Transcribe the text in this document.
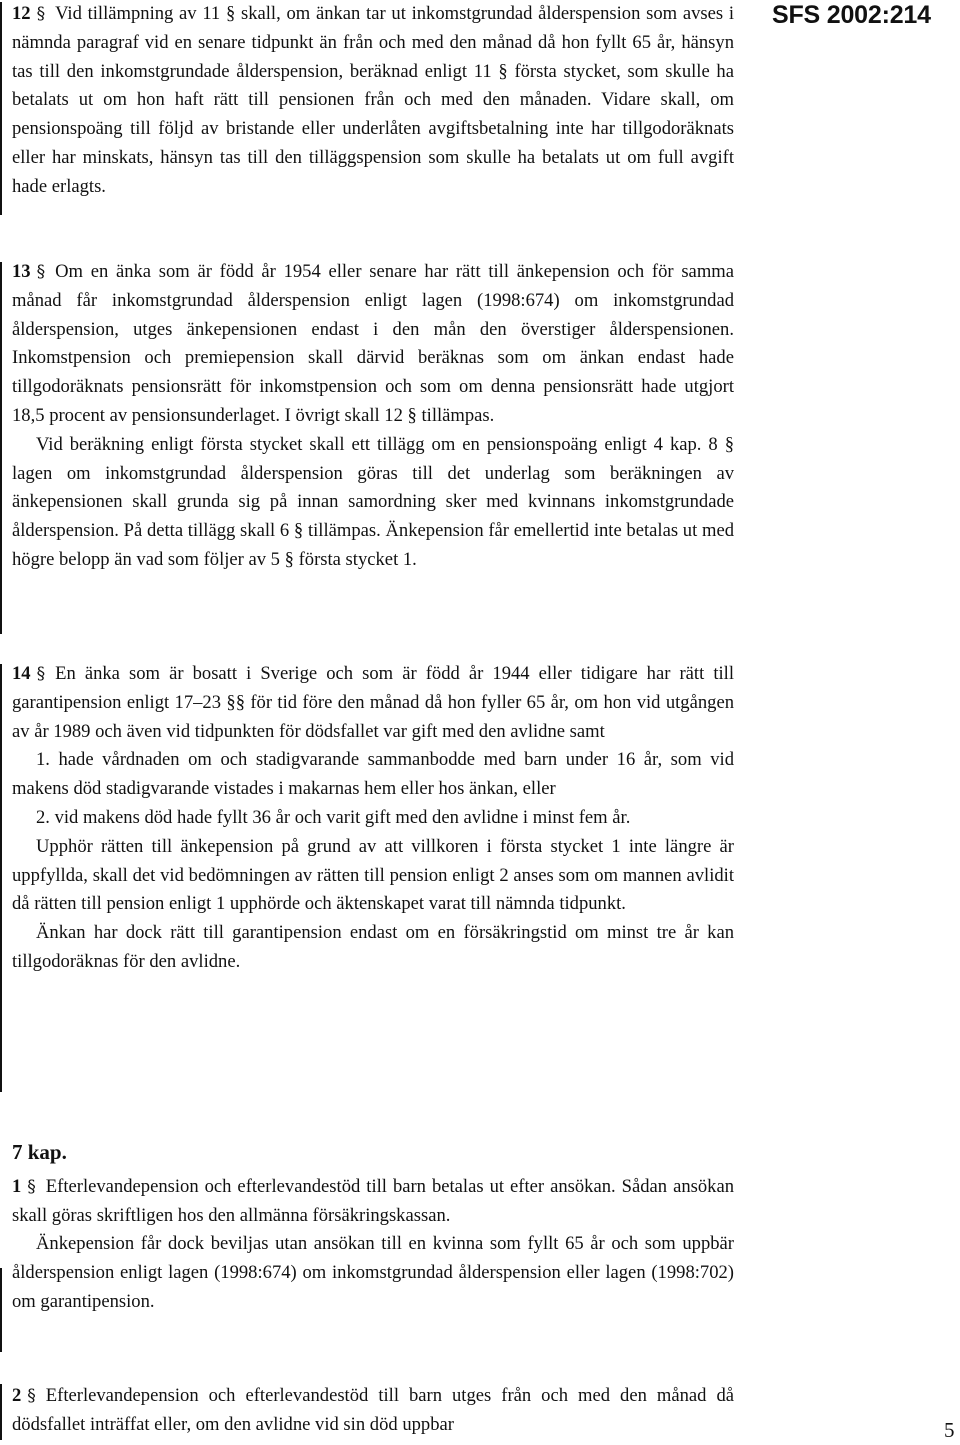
SFS 2002:214

12 § Vid tillämpning av 11 § skall, om änkan tar ut inkomstgrundad ålderspension som avses i nämnda paragraf vid en senare tidpunkt än från och med den månad då hon fyllt 65 år, hänsyn tas till den inkomstgrundade ålderspension, beräknad enligt 11 § första stycket, som skulle ha betalats ut om hon haft rätt till pensionen från och med den månaden. Vidare skall, om pensionspoäng till följd av bristande eller underlåten avgiftsbetalning inte har tillgodoräknats eller har minskats, hänsyn tas till den tilläggspension som skulle ha betalats ut om full avgift hade erlagts.

13 § Om en änka som är född år 1954 eller senare har rätt till änkepension och för samma månad får inkomstgrundad ålderspension enligt lagen (1998:674) om inkomstgrundad ålderspension, utges änkepensionen endast i den mån den överstiger ålderspensionen. Inkomstpension och premiepension skall därvid beräknas som om änkan endast hade tillgodoräknats pensionsrätt för inkomstpension och som om denna pensionsrätt hade utgjort 18,5 procent av pensionsunderlaget. I övrigt skall 12 § tillämpas.

Vid beräkning enligt första stycket skall ett tillägg om en pensionspoäng enligt 4 kap. 8 § lagen om inkomstgrundad ålderspension göras till det underlag som beräkningen av änkepensionen skall grunda sig på innan samordning sker med kvinnans inkomstgrundade ålderspension. På detta tillägg skall 6 § tillämpas. Änkepension får emellertid inte betalas ut med högre belopp än vad som följer av 5 § första stycket 1.

14 § En änka som är bosatt i Sverige och som är född år 1944 eller tidigare har rätt till garantipension enligt 17–23 §§ för tid före den månad då hon fyller 65 år, om hon vid utgången av år 1989 och även vid tidpunkten för dödsfallet var gift med den avlidne samt

1. hade vårdnaden om och stadigvarande sammanbodde med barn under 16 år, som vid makens död stadigvarande vistades i makarnas hem eller hos änkan, eller

2. vid makens död hade fyllt 36 år och varit gift med den avlidne i minst fem år.

Upphör rätten till änkepension på grund av att villkoren i första stycket 1 inte längre är uppfyllda, skall det vid bedömningen av rätten till pension enligt 2 anses som om mannen avlidit då rätten till pension enligt 1 upphörde och äktenskapet varat till nämnda tidpunkt.

Änkan har dock rätt till garantipension endast om en försäkringstid om minst tre år kan tillgodoräknas för den avlidne.

7 kap.

1 § Efterlevandepension och efterlevandestöd till barn betalas ut efter ansökan. Sådan ansökan skall göras skriftligen hos den allmänna försäkringskassan.

Änkepension får dock beviljas utan ansökan till en kvinna som fyllt 65 år och som uppbär ålderspension enligt lagen (1998:674) om inkomstgrundad ålderspension eller lagen (1998:702) om garantipension.

2 § Efterlevandepension och efterlevandestöd till barn utges från och med den månad då dödsfallet inträffat eller, om den avlidne vid sin död uppbar	5
